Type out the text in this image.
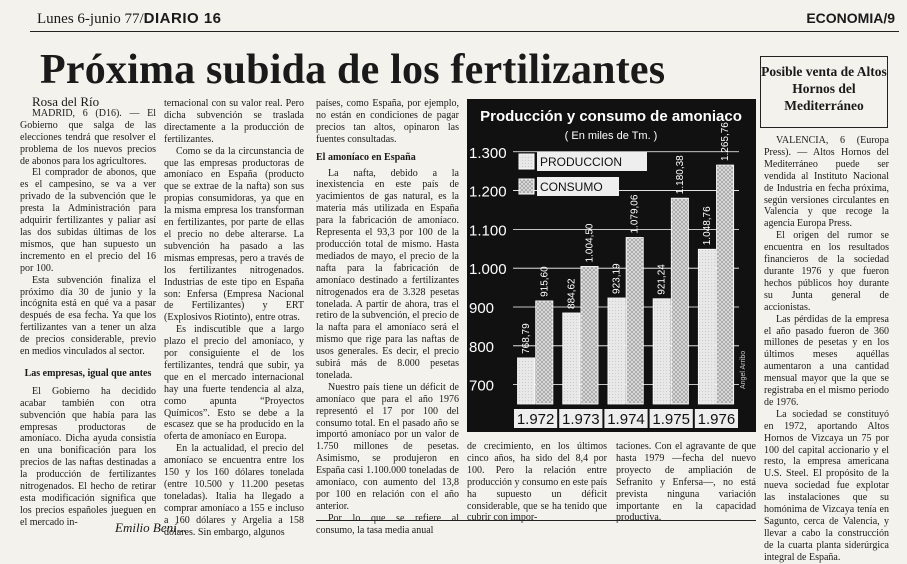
Lunes 6-junio 77/DIARIO 16	ECONOMIA/9
Próxima subida de los fertilizantes

Rosa del Río

MADRID, 6 (D16). — El Gobierno que salga de las elecciones tendrá que resolver el problema de los nuevos precios de abonos para los agricultores.

El comprador de abonos, que es el campesino, se va a ver privado de la subvención que le presta la Administración para adquirir fertilizantes y paliar así las dos subidas últimas de los mismos, que han supuesto un incremento en el precio del 16 por 100.

Esta subvención finaliza el próximo día 30 de junio y la incógnita está en qué va a pasar después de esa fecha. Ya que los fertilizantes van a tener un alza de precios considerable, previo en medios vinculados al sector.

Las empresas, igual que antes

El Gobierno ha decidido acabar también con otra subvención que había para las empresas productoras de amoníaco. Dicha ayuda consistía en una bonificación para los precios de las naftas destinadas a la producción de fertilizantes nitrogenados. El hecho de retirar esta modificación significa que los precios españoles jueguen en el mercado in-

ternacional con su valor real. Pero dicha subvención se traslada directamente a la producción de fertilizantes.

Como se da la circunstancia de que las empresas productoras de amoníaco en España (producto que se extrae de la nafta) son sus propias consumidoras, ya que en la misma empresa los transforman en fertilizantes, por parte de ellas el precio no debe alterarse. La subvención ha pasado a las mismas empresas, pero a través de los fertilizantes nitrogenados. Industrias de este tipo en España son: Enfersa (Empresa Nacional de Fertilizantes) y ERT (Explosivos Riotinto), entre otras.

Es indiscutible que a largo plazo el precio del amoníaco, y por consiguiente el de los fertilizantes, tendrá que subir, ya que en el mercado internacional hay una fuerte tendencia al alza, como apunta “Proyectos Químicos”. Esto se debe a la escasez que se ha producido en la oferta de amoníaco en Europa.

En la actualidad, el precio del amoníaco se encuentra entre los 150 y los 160 dólares tonelada (entre 10.500 y 11.200 pesetas toneladas). Italia ha llegado a comprar amoníaco a 155 e incluso a 160 dólares y Argelia a 158 dólares. Sin embargo, algunos

países, como España, por ejemplo, no están en condiciones de pagar precios tan altos, opinaron las fuentes consultadas.

El amoníaco en España

La nafta, debido a la inexistencia en este país de yacimientos de gas natural, es la materia más utilizada en España para la fabricación de amoníaco. Representa el 93,3 por 100 de la producción total de mismo. Hasta mediados de mayo, el precio de la nafta para la fabricación de amoníaco destinado a fertilizantes nitrogenados era de 3.328 pesetas tonelada. A partir de ahora, tras el retiro de la subvención, el precio de la nafta para el amoníaco será el mismo que rige para las naftas de usos generales. Es decir, el precio subirá más de 8.000 pesetas tonelada.

Nuestro país tiene un déficit de amoníaco que para el año 1976 representó el 17 por 100 del consumo total. En el pasado año se importó amoníaco por un valor de 1.750 millones de pesetas. Asimismo, se produjeron en España casi 1.100.000 toneladas de amoníaco, con aumento del 13,8 por 100 en relación con el año anterior.

Por lo que se refiere al consumo, la tasa media anual

Producción y consumo de amoniaco
( En miles de Tm. )
700
800
900
1.000
1.100
1.200
1.300
768,79
915,60
1.972
884,62
1.004,50
1.973
923,19
1.079,06
1.974
921,24
1.180,38
1.975
1.048,76
1.265,76
1.976
PRODUCCION
CONSUMO
Angel Arribo

de crecimiento, en los últimos cinco años, ha sido del 8,4 por 100. Pero la relación entre producción y consumo en este país ha supuesto un déficit considerable, que se ha tenido que cubrir con impor-

taciones. Con el agravante de que hasta 1979 —fecha del nuevo proyecto de ampliación de Sefranito y Enfersa—, no está prevista ninguna variación importante en la capacidad productiva.

Posible venta de Altos Hornos del Mediterráneo

VALENCIA, 6 (Europa Press). — Altos Hornos del Mediterráneo puede ser vendida al Instituto Nacional de Industria en fecha próxima, según versiones circulantes en Valencia y que recoge la agencia Europa Press.

El origen del rumor se encuentra en los resultados financieros de la sociedad durante 1976 y que fueron hechos públicos hoy durante su Junta general de accionistas.

Las pérdidas de la empresa el año pasado fueron de 360 millones de pesetas y en los últimos meses aquéllas aumentaron a una cantidad mensual mayor que la que se registraba en el mismo periodo de 1976.

La sociedad se constituyó en 1972, aportando Altos Hornos de Vizcaya un 75 por 100 del capital accionario y el resto, la empresa americana U.S. Steel. El propósito de la nueva sociedad fue explotar las instalaciones que su homónima de Vizcaya tenía en Sagunto, cerca de Valencia, y llevar a cabo la construcción de la cuarta planta siderúrgica integral de España.

Emilio Bení...
